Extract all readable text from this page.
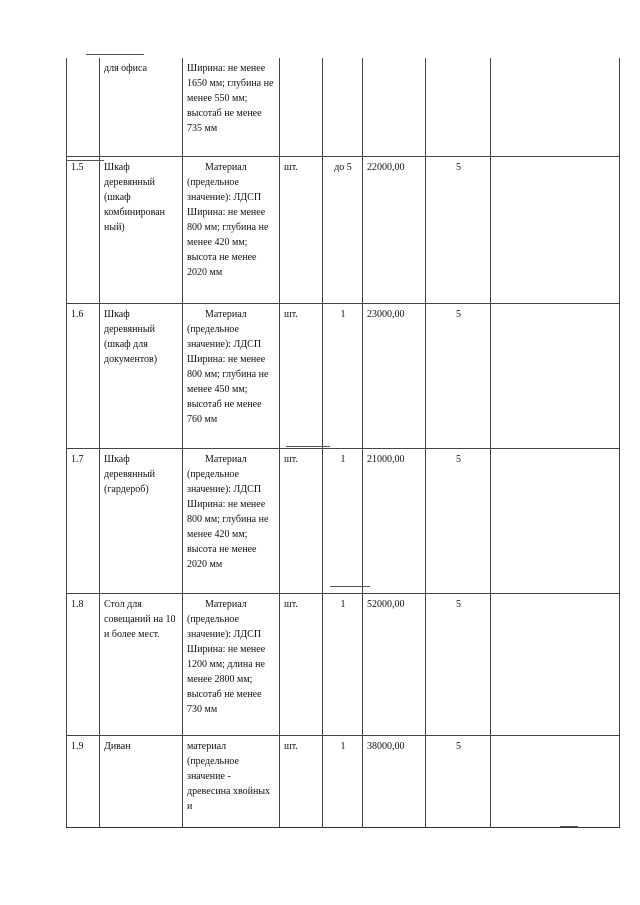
	для офиса	Ширина: не менее 1650 мм; глубина не менее 550 мм; высотаб не менее 735 мм					
1.5	Шкаф деревянный (шкаф комбинирован ный)	Материал (предельное значение): ЛДСП Ширина: не менее 800 мм; глубина не менее 420 мм; высота не менее 2020 мм	шт.	до 5	22000,00	5	
1.6	Шкаф деревянный (шкаф для документов)	Материал (предельное значение): ЛДСП Ширина: не менее 800 мм; глубина не менее 450 мм; высотаб не менее 760 мм	шт.	1	23000,00	5	
1.7	Шкаф деревянный (гардероб)	Материал (предельное значение): ЛДСП Ширина: не менее 800 мм; глубина не менее 420 мм; высота не менее 2020 мм	шт.	1	21000,00	5	
1.8	Стол для совещаний на 10 и более мест.	Материал (предельное значение): ЛДСП Ширина: не менее 1200 мм; длина не менее 2800 мм; высотаб не менее 730 мм	шт.	1	52000,00	5	
1.9	Диван	материал (предельное значение - древесина хвойных и	шт.	1	38000,00	5	
